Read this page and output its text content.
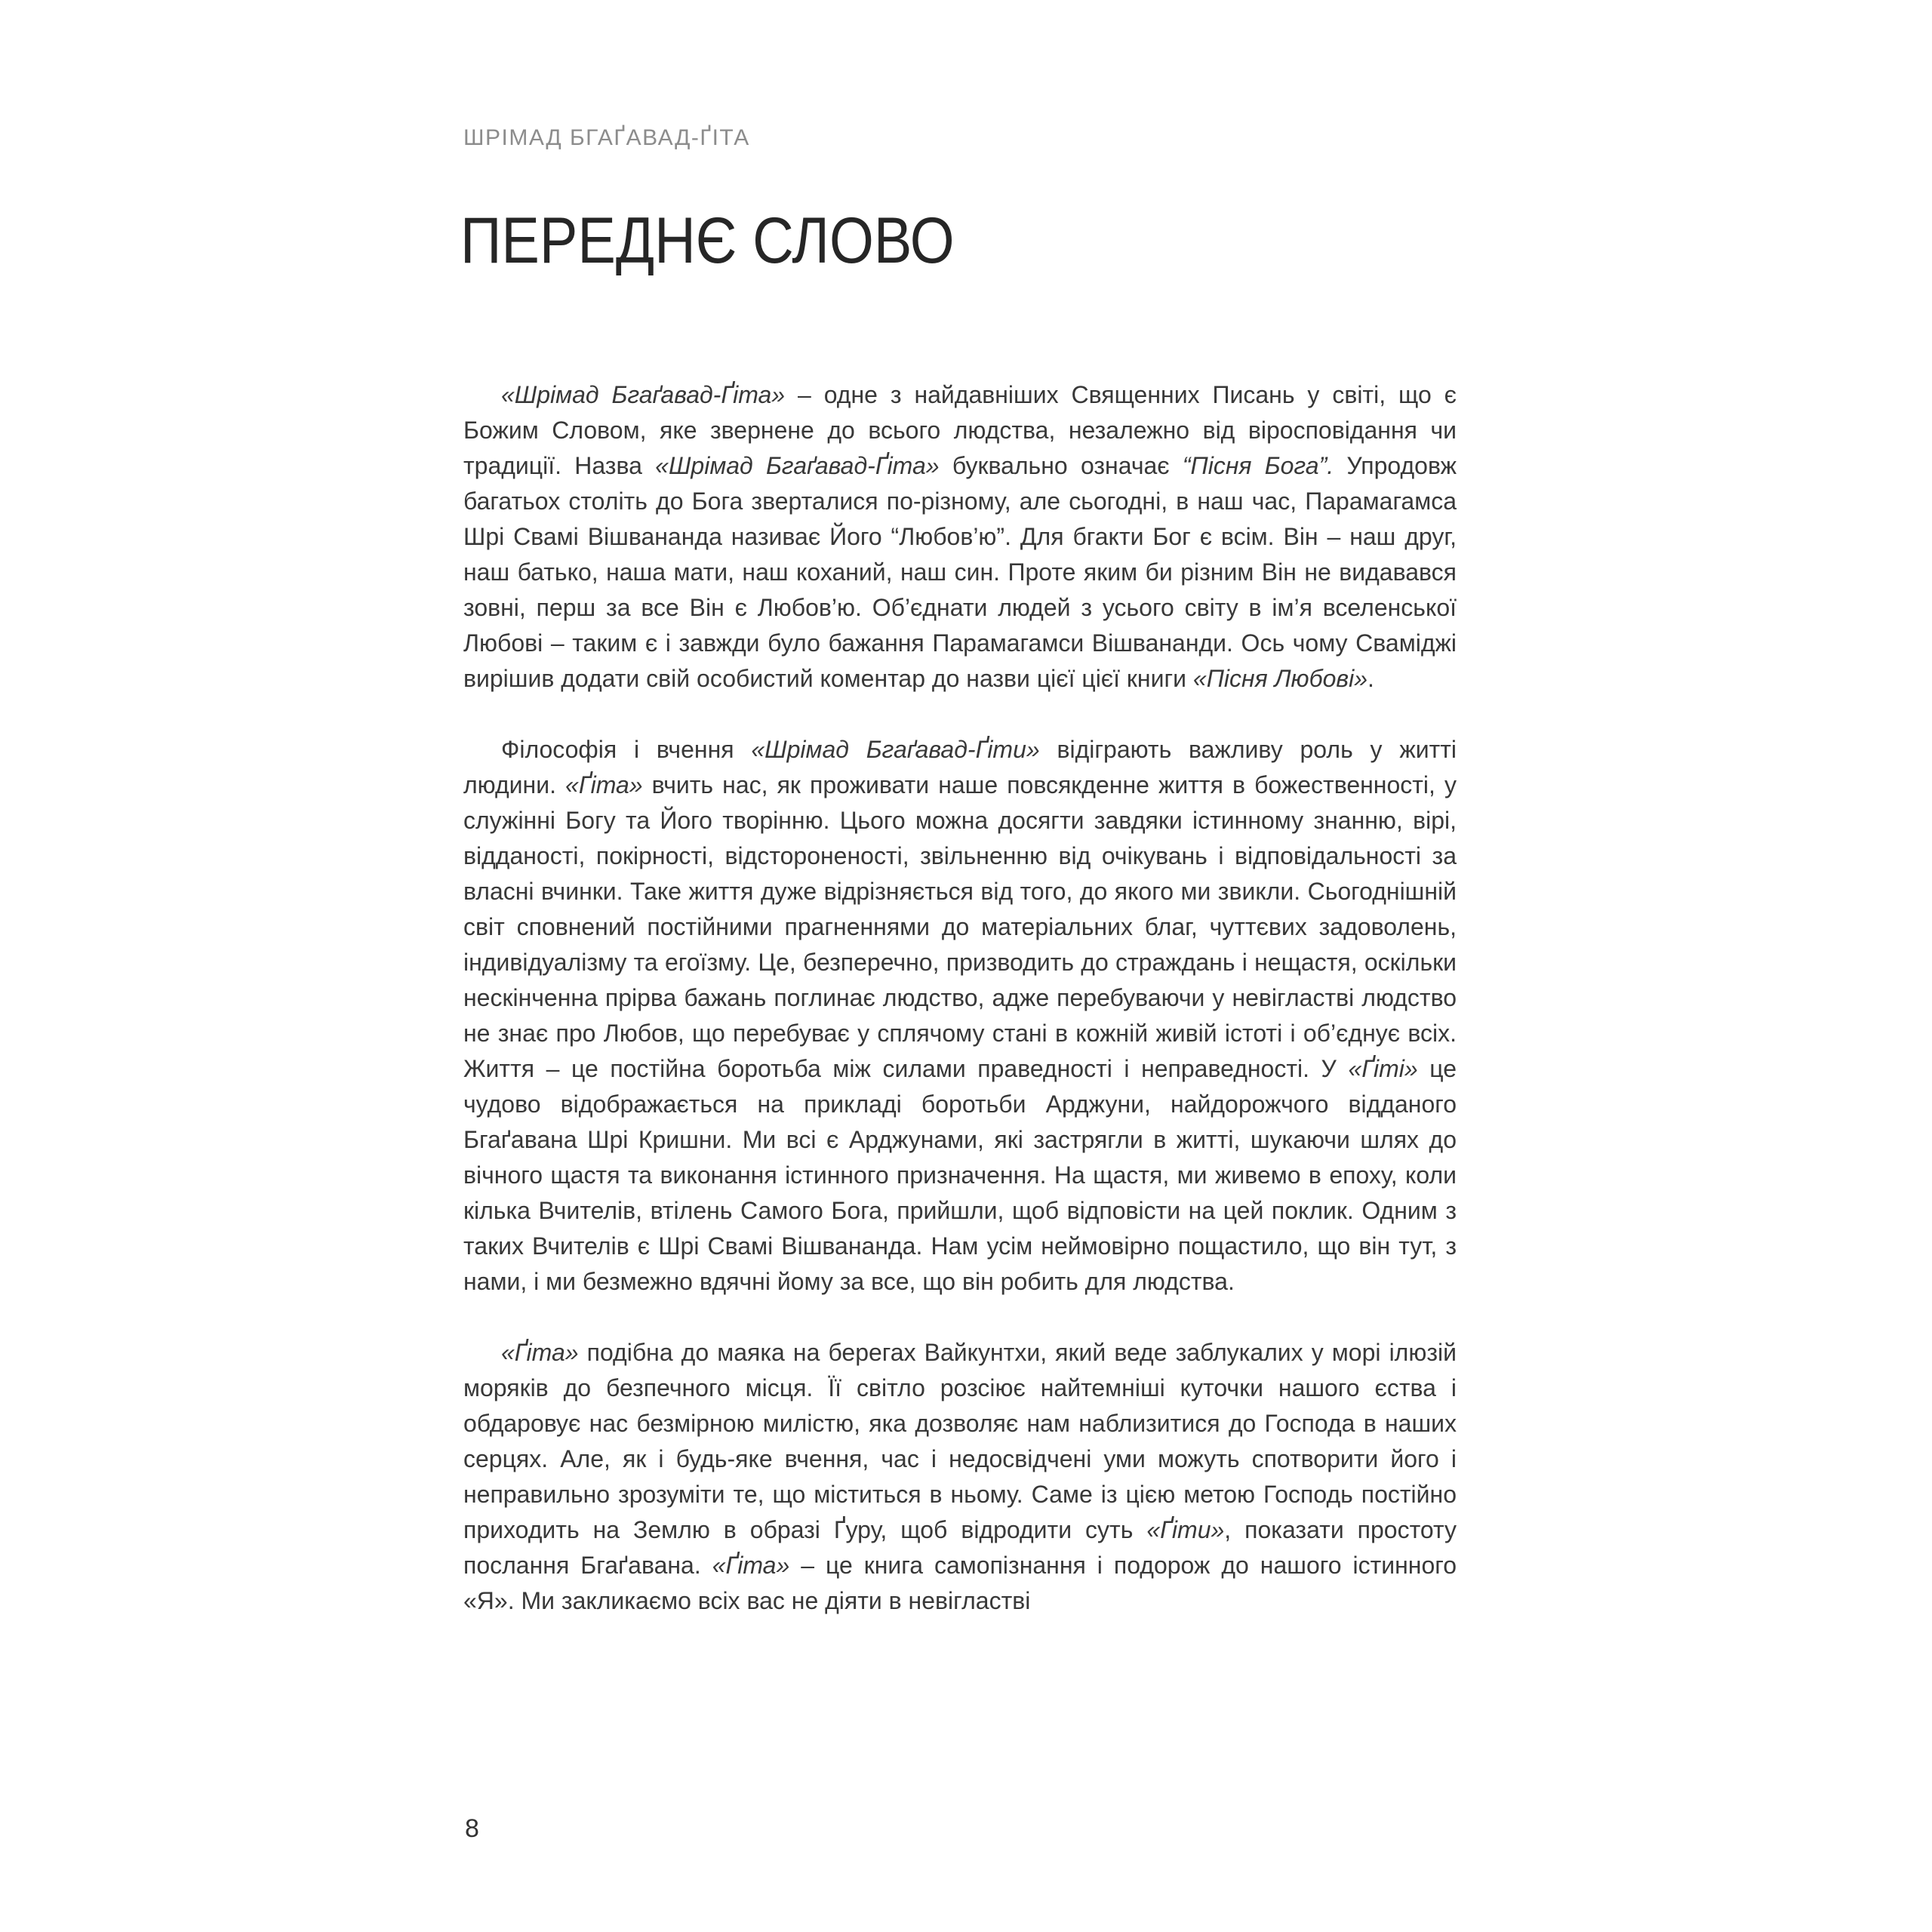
ШРІМАД БГАҐАВАД-ҐІТА
ПЕРЕДНЄ СЛОВО

«Шрімад Бгаґавад-Ґіта» – одне з найдавніших Священних Писань у світі, що є Божим Словом, яке звернене до всього людства, незалежно від віросповідання чи традиції. Назва «Шрімад Бгаґавад-Ґіта» буквально означає “Пісня Бога”. Упродовж багатьох століть до Бога зверталися по-різному, але сьогодні, в наш час, Парамагамса Шрі Свамі Вішвананда називає Його “Любов’ю”. Для бгакти Бог є всім. Він – наш друг, наш батько, наша мати, наш коханий, наш син. Проте яким би різним Він не видавався зовні, перш за все Він є Любов’ю. Об’єднати людей з усього світу в ім’я вселенської Любові – таким є і завжди було бажання Парамагамси Вішвананди. Ось чому Сваміджі вирішив додати свій особистий коментар до назви цієї цієї книги «Пісня Любові».

Філософія і вчення «Шрімад Бгаґавад-Ґіти» відіграють важливу роль у житті людини. «Ґіта» вчить нас, як проживати наше повсякденне життя в божественності, у служінні Богу та Його творінню. Цього можна досягти завдяки істинному знанню, вірі, відданості, покірності, відстороненості, звільненню від очікувань і відповідальності за власні вчинки. Таке життя дуже відрізняється від того, до якого ми звикли. Сьогоднішній світ сповнений постійними прагненнями до матеріальних благ, чуттєвих задоволень, індивідуалізму та егоїзму. Це, безперечно, призводить до страждань і нещастя, оскільки нескінченна прірва бажань поглинає людство, адже перебуваючи у невігластві людство не знає про Любов, що перебуває у сплячому стані в кожній живій істоті і об’єднує всіх. Життя – це постійна боротьба між силами праведності і неправедності. У «Ґіті» це чудово відображається на прикладі боротьби Арджуни, найдорожчого відданого Бгаґавана Шрі Кришни. Ми всі є Арджунами, які застрягли в житті, шукаючи шлях до вічного щастя та виконання істинного призначення. На щастя, ми живемо в епоху, коли кілька Вчителів, втілень Самого Бога, прийшли, щоб відповісти на цей поклик. Одним з таких Вчителів є Шрі Свамі Вішвананда. Нам усім неймовірно пощастило, що він тут, з нами, і ми безмежно вдячні йому за все, що він робить для людства.

«Ґіта» подібна до маяка на берегах Вайкунтхи, який веде заблукалих у морі ілюзій моряків до безпечного місця. Її світло розсіює найтемніші куточки нашого єства і обдаровує нас безмірною милістю, яка дозволяє нам наблизитися до Господа в наших серцях. Але, як і будь-яке вчення, час і недосвідчені уми можуть спотворити його і неправильно зрозуміти те, що міститься в ньому. Саме із цією метою Господь постійно приходить на Землю в образі Ґуру, щоб відродити суть «Ґіти», показати простоту послання Бгаґавана. «Ґіта» – це книга самопізнання і подорож до нашого істинного «Я». Ми закликаємо всіх вас не діяти в невігластві

8
